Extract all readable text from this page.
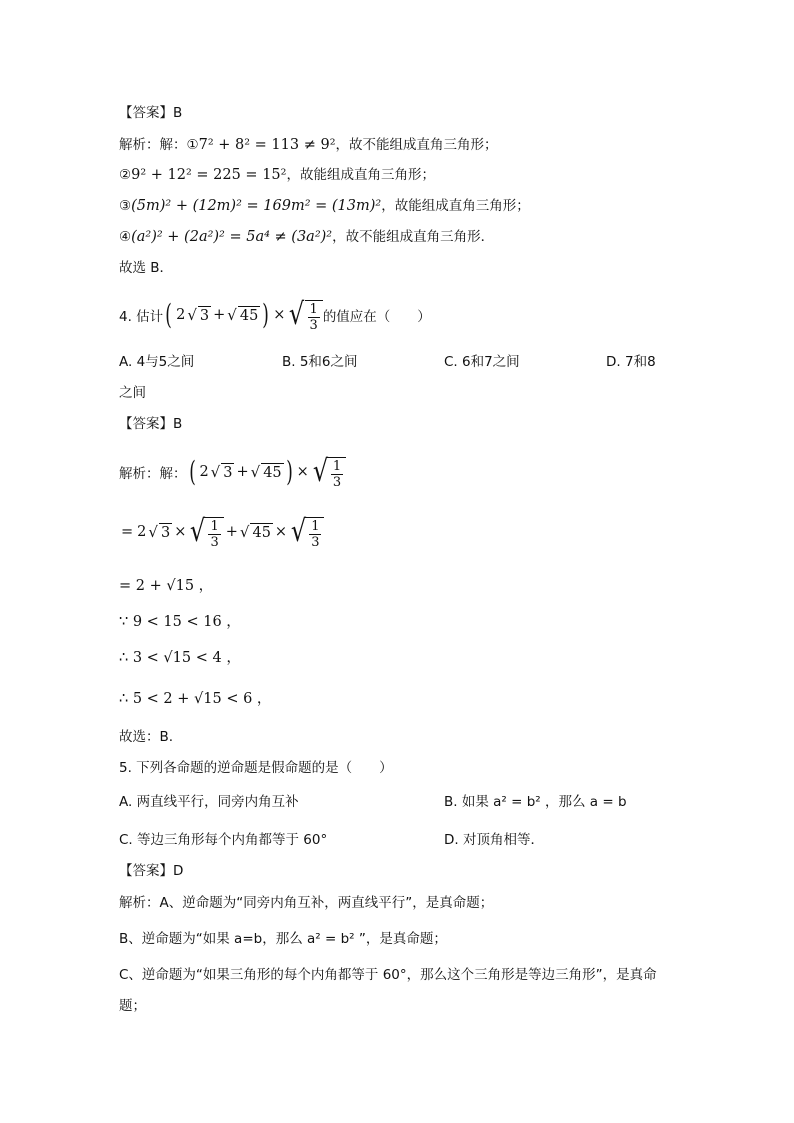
【答案】B
解析：解：①7² + 8² = 113 ≠ 9²，故不能组成直角三角形；
②9² + 12² = 225 = 15²，故能组成直角三角形；
③(5m)² + (12m)² = 169m² = (13m)²，故能组成直角三角形；
④(a²)² + (2a²)² = 5a⁴ ≠ (3a²)²，故不能组成直角三角形．
故选 B．
4. 估计 ( 2 √ 3 + √ 45 ) × √ $\frac{1}{3}$ 的值应在（　　）
A. 4与5之间	B. 5和6之间	C. 6和7之间	D. 7和8
之间
【答案】B
解析：解： ( 2 √ 3 + √ 45 ) × √ $\frac{1}{3}$
= 2 √ 3 × √ $\frac{1}{3}$ + √ 45 × √ $\frac{1}{3}$
= 2 + √15 ，
∵ 9 < 15 < 16 ，
∴ 3 < √15 < 4 ，
∴ 5 < 2 + √15 < 6 ，
故选：B.
5. 下列各命题的逆命题是假命题的是（　　）
A. 两直线平行，同旁内角互补	B. 如果 a² = b² ，那么 a = b
C. 等边三角形每个内角都等于 60°	D. 对顶角相等．
【答案】D
解析：A、逆命题为“同旁内角互补，两直线平行”，是真命题；
B、逆命题为“如果 a=b，那么 a² = b² ”，是真命题；
C、逆命题为“如果三角形的每个内角都等于 60°，那么这个三角形是等边三角形”，是真命
题；
